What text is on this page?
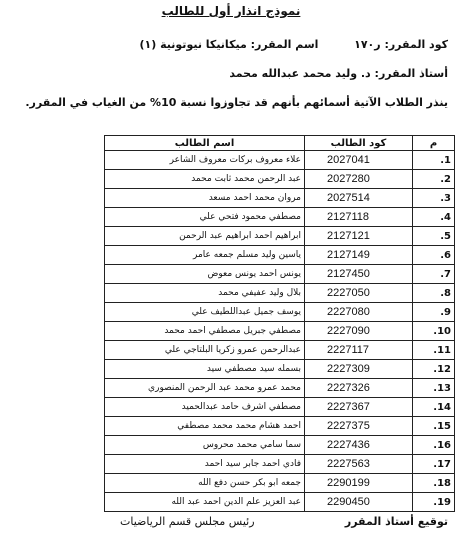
نموذج انذار أول للطالب
كود المقرر: ر١٧٠  اسم المقرر: ميكانيكا نيوتونية (١)
أستاذ المقرر: د. وليد محمد عبدالله محمد
ينذر الطلاب الآتية أسمائهم بأنهم قد تجاوزوا نسبة 10% من الغياب في المقرر.
م	كود الطالب	اسم الطالب
.1	2027041	علاء معروف بركات معروف الشاعر
.2	2027280	عبد الرحمن محمد ثابت محمد
.3	2027514	مروان محمد احمد مسعد
.4	2127118	مصطفي محمود فتحي علي
.5	2127121	ابراهيم احمد ابراهيم عبد الرحمن
.6	2127149	ياسين وليد مسلم جمعه عامر
.7	2127450	يونس احمد يونس معوض
.8	2227050	بلال وليد عفيفي محمد
.9	2227080	يوسف جميل عبداللطيف علي
.10	2227090	مصطفي جبريل مصطفي احمد محمد
.11	2227117	عبدالرحمن عمرو زكريا البلتاجي علي
.12	2227309	بسمله سيد مصطفي سيد
.13	2227326	محمد عمرو محمد عبد الرحمن المنصوري
.14	2227367	مصطفي اشرف حامد عبدالحميد
.15	2227375	احمد هشام محمد محمد مصطفي
.16	2227436	سما سامي محمد محروس
.17	2227563	فادي احمد جابر سيد احمد
.18	2290199	جمعه ابو بكر حسن دفع الله
.19	2290450	عبد العزيز علم الدين احمد عبد الله
توقيع أستاذ المقرر
رئيس مجلس قسم الرياضيات
